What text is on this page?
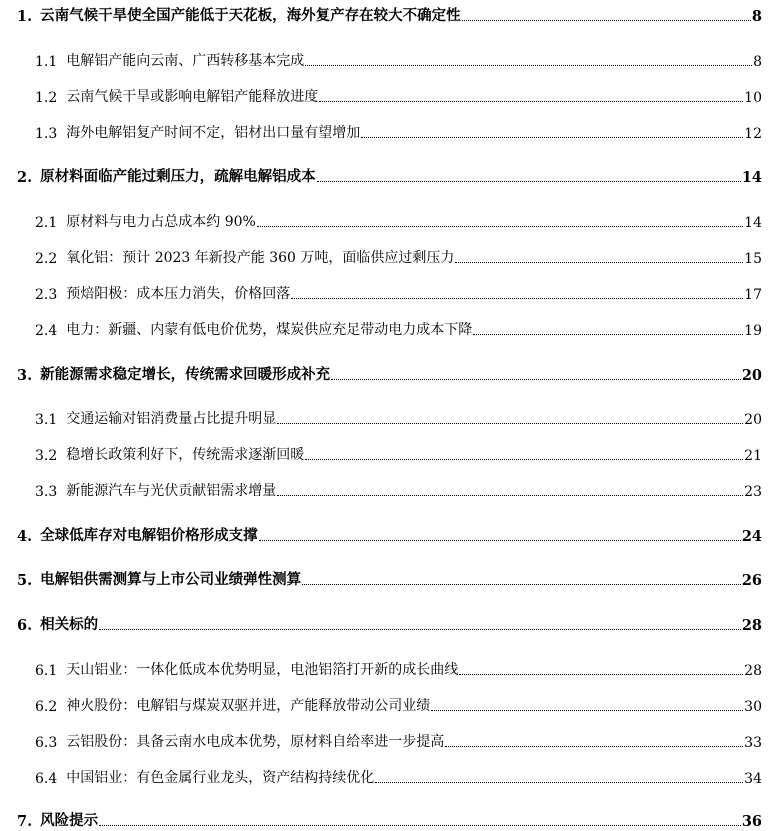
1. 云南气候干旱使全国产能低于天花板，海外复产存在较大不确定性	8
1.1 电解铝产能向云南、广西转移基本完成	8
1.2 云南气候干旱或影响电解铝产能释放进度	10
1.3 海外电解铝复产时间不定，铝材出口量有望增加	12
2. 原材料面临产能过剩压力，疏解电解铝成本	14
2.1 原材料与电力占总成本约 90%	14
2.2 氧化铝：预计 2023 年新投产能 360 万吨，面临供应过剩压力	15
2.3 预焙阳极：成本压力消失，价格回落	17
2.4 电力：新疆、内蒙有低电价优势，煤炭供应充足带动电力成本下降	19
3. 新能源需求稳定增长，传统需求回暖形成补充	20
3.1 交通运输对铝消费量占比提升明显	20
3.2 稳增长政策利好下，传统需求逐渐回暖	21
3.3 新能源汽车与光伏贡献铝需求增量	23
4. 全球低库存对电解铝价格形成支撑	24
5. 电解铝供需测算与上市公司业绩弹性测算	26
6. 相关标的	28
6.1 天山铝业：一体化低成本优势明显，电池铝箔打开新的成长曲线	28
6.2 神火股份：电解铝与煤炭双驱并进，产能释放带动公司业绩	30
6.3 云铝股份：具备云南水电成本优势，原材料自给率进一步提高	33
6.4 中国铝业：有色金属行业龙头，资产结构持续优化	34
7. 风险提示	36
